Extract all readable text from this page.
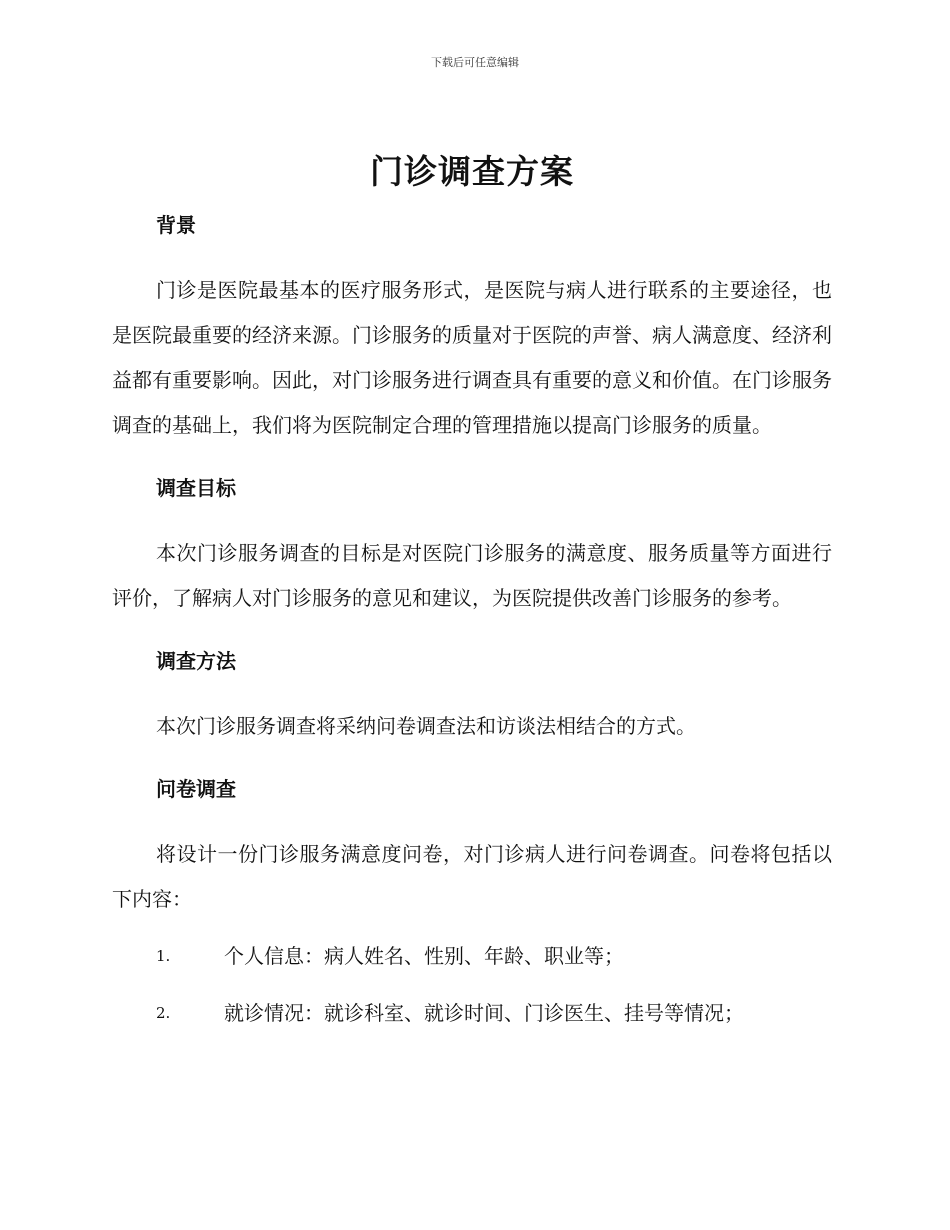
下载后可任意编辑
门诊调查方案
背景

门诊是医院最基本的医疗服务形式，是医院与病人进行联系的主要途径，也是医院最重要的经济来源。门诊服务的质量对于医院的声誉、病人满意度、经济利益都有重要影响。因此，对门诊服务进行调查具有重要的意义和价值。在门诊服务调查的基础上，我们将为医院制定合理的管理措施以提高门诊服务的质量。

调查目标

本次门诊服务调查的目标是对医院门诊服务的满意度、服务质量等方面进行评价，了解病人对门诊服务的意见和建议，为医院提供改善门诊服务的参考。

调查方法

本次门诊服务调查将采纳问卷调查法和访谈法相结合的方式。

问卷调查

将设计一份门诊服务满意度问卷，对门诊病人进行问卷调查。问卷将包括以下内容：

1.	个人信息：病人姓名、性别、年龄、职业等；
2.	就诊情况：就诊科室、就诊时间、门诊医生、挂号等情况；
